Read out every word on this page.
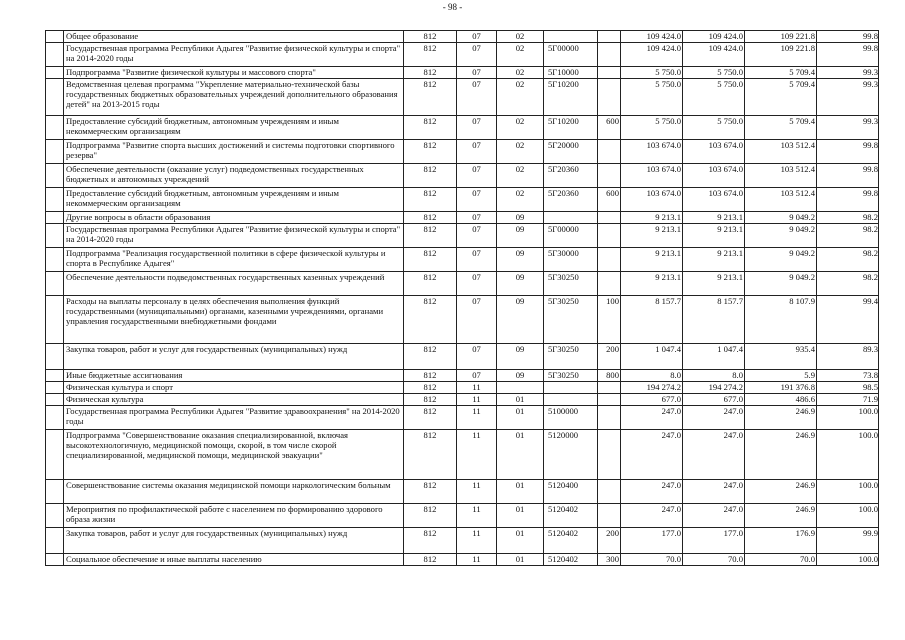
- 98 -
	Общее образование	812	07	02			109 424.0	109 424.0	109 221.8	99.8
	Государственная программа Республики Адыгея "Развитие физической культуры и спорта" на 2014-2020 годы	812	07	02	5Г00000		109 424.0	109 424.0	109 221.8	99.8
	Подпрограмма "Развитие физической культуры и массового спорта"	812	07	02	5Г10000		5 750.0	5 750.0	5 709.4	99.3
	Ведомственная целевая программа "Укрепление материально-технической базы государственных бюджетных образовательных учреждений дополнительного образования детей" на 2013-2015 годы	812	07	02	5Г10200		5 750.0	5 750.0	5 709.4	99.3
	Предоставление субсидий бюджетным, автономным учреждениям и иным некоммерческим организациям	812	07	02	5Г10200	600	5 750.0	5 750.0	5 709.4	99.3
	Подпрограмма "Развитие спорта высших достижений и системы подготовки спортивного резерва"	812	07	02	5Г20000		103 674.0	103 674.0	103 512.4	99.8
	Обеспечение деятельности (оказание услуг) подведомственных государственных бюджетных и автономных учреждений	812	07	02	5Г20360		103 674.0	103 674.0	103 512.4	99.8
	Предоставление субсидий бюджетным, автономным учреждениям и иным некоммерческим организациям	812	07	02	5Г20360	600	103 674.0	103 674.0	103 512.4	99.8
	Другие вопросы в области образования	812	07	09			9 213.1	9 213.1	9 049.2	98.2
	Государственная программа Республики Адыгея "Развитие физической культуры и спорта" на 2014-2020 годы	812	07	09	5Г00000		9 213.1	9 213.1	9 049.2	98.2
	Подпрограмма "Реализация государственной политики в сфере физической культуры и спорта в Республике Адыгея"	812	07	09	5Г30000		9 213.1	9 213.1	9 049.2	98.2
	Обеспечение деятельности подведомственных государственных казенных учреждений	812	07	09	5Г30250		9 213.1	9 213.1	9 049.2	98.2
	Расходы на выплаты персоналу в целях обеспечения выполнения функций государственными (муниципальными) органами, казенными учреждениями, органами управления государственными внебюджетными фондами	812	07	09	5Г30250	100	8 157.7	8 157.7	8 107.9	99.4
	Закупка товаров, работ и услуг для государственных (муниципальных) нужд	812	07	09	5Г30250	200	1 047.4	1 047.4	935.4	89.3
	Иные бюджетные ассигнования	812	07	09	5Г30250	800	8.0	8.0	5.9	73.8
	Физическая культура и спорт	812	11				194 274.2	194 274.2	191 376.8	98.5
	Физическая культура	812	11	01			677.0	677.0	486.6	71.9
	Государственная программа Республики Адыгея "Развитие здравоохранения" на 2014-2020 годы	812	11	01	5100000		247.0	247.0	246.9	100.0
	Подпрограмма "Совершенствование оказания специализированной, включая высокотехнологичную, медицинской помощи, скорой, в том числе скорой специализированной, медицинской помощи, медицинской эвакуации"	812	11	01	5120000		247.0	247.0	246.9	100.0
	Совершенствование системы оказания медицинской помощи наркологическим больным	812	11	01	5120400		247.0	247.0	246.9	100.0
	Мероприятия по профилактической работе с населением по формированию здорового образа жизни	812	11	01	5120402		247.0	247.0	246.9	100.0
	Закупка товаров, работ и услуг для государственных (муниципальных) нужд	812	11	01	5120402	200	177.0	177.0	176.9	99.9
	Социальное обеспечение и иные выплаты населению	812	11	01	5120402	300	70.0	70.0	70.0	100.0
